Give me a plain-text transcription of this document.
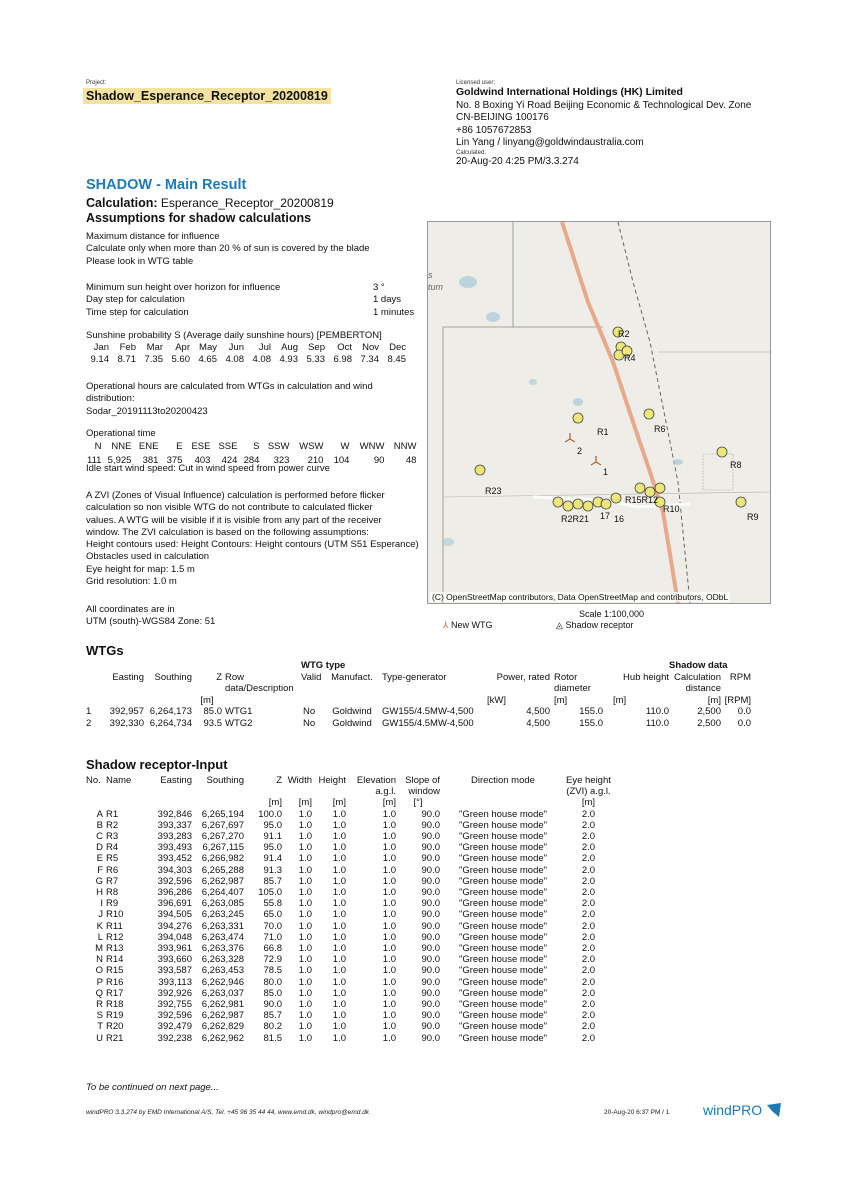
Project:
Shadow_Esperance_Receptor_20200819
Licensed user:
Goldwind International Holdings (HK) Limited
No. 8 Boxing Yi Road Beijing Economic & Technological Dev. Zone
CN-BEIJING 100176
+86 1057672853
Lin Yang / linyang@goldwindaustralia.com
Calculated:
20-Aug-20 4:25 PM/3.3.274
SHADOW - Main Result
Calculation: Esperance_Receptor_20200819
Assumptions for shadow calculations
Maximum distance for influence
Calculate only when more than 20 % of sun is covered by the blade
Please look in WTG table
Minimum sun height over horizon for influence	3 °
Day step for calculation	1 days
Time step for calculation	1 minutes
Sunshine probability S (Average daily sunshine hours) [PEMBERTON]
Jan	Feb	Mar	Apr	May	Jun	Jul	Aug	Sep	Oct	Nov	Dec
9.14	8.71	7.35	5.60	4.65	4.08	4.08	4.93	5.33	6.98	7.34	8.45
Operational hours are calculated from WTGs in calculation and wind
distribution:
Sodar_20191113to20200423
Operational time
N	NNE	ENE	E	ESE	SSE	S	SSW	WSW	W	WNW	NNW	
111	5,925	381	375	403	424	284	323	210	104	90	48	
Idle start wind speed: Cut in wind speed from power curve
A ZVI (Zones of Visual Influence) calculation is performed before flicker
calculation so non visible WTG do not contribute to calculated flicker
values. A WTG will be visible if it is visible from any part of the receiver
window. The ZVI calculation is based on the following assumptions:
Height contours used: Height Contours: Height contours (UTM S51 Esperance)
Obstacles used in calculation
Eye height for map: 1.5 m
Grid resolution: 1.0 m
All coordinates are in
UTM (south)-WGS84 Zone: 51
s
tum
R2
R4
R1	R6
R8
R23
R15R12
R10
R9
R2R21 17 16
2
1
(C) OpenStreetMap contributors, Data OpenStreetMap and contributors, ODbL
Scale 1:100,000
⅄ New WTG	◬ Shadow receptor
WTGs
					WTG type						Shadow data	
	Easting	Southing	Z	Row	Valid	Manufact.	Type-generator	Power, rated	Rotor	Hub height	Calculation	RPM
				data/Description					diameter		distance	
			[m]					[kW]	[m]	[m]	[m]	[RPM]
1	392,957	6,264,173	85.0	WTG1	No	Goldwind	GW155/4.5MW-4,500	4,500	155.0	110.0	2,500	0.0
2	392,330	6,264,734	93.5	WTG2	No	Goldwind	GW155/4.5MW-4,500	4,500	155.0	110.0	2,500	0.0
Shadow receptor-Input
No.	Name	Easting	Southing	Z	Width	Height	Elevation	Slope of	Direction mode	Eye height
							a.g.l.	window		(ZVI) a.g.l.
				[m]	[m]	[m]	[m]	[°]		[m]
A	R1	392,846	6,265,194	100.0	1.0	1.0	1.0	90.0	"Green house mode"	2.0
B	R2	393,337	6,267,697	95.0	1.0	1.0	1.0	90.0	"Green house mode"	2.0
C	R3	393,283	6,267,270	91.1	1.0	1.0	1.0	90.0	"Green house mode"	2.0
D	R4	393,493	6,267,115	95.0	1.0	1.0	1.0	90.0	"Green house mode"	2.0
E	R5	393,452	6,266,982	91.4	1.0	1.0	1.0	90.0	"Green house mode"	2.0
F	R6	394,303	6,265,288	91.3	1.0	1.0	1.0	90.0	"Green house mode"	2.0
G	R7	392,596	6,262,987	85.7	1.0	1.0	1.0	90.0	"Green house mode"	2.0
H	R8	396,286	6,264,407	105.0	1.0	1.0	1.0	90.0	"Green house mode"	2.0
I	R9	396,691	6,263,085	55.8	1.0	1.0	1.0	90.0	"Green house mode"	2.0
J	R10	394,505	6,263,245	65.0	1.0	1.0	1.0	90.0	"Green house mode"	2.0
K	R11	394,276	6,263,331	70.0	1.0	1.0	1.0	90.0	"Green house mode"	2.0
L	R12	394,048	6,263,474	71.0	1.0	1.0	1.0	90.0	"Green house mode"	2.0
M	R13	393,961	6,263,376	66.8	1.0	1.0	1.0	90.0	"Green house mode"	2.0
N	R14	393,660	6,263,328	72.9	1.0	1.0	1.0	90.0	"Green house mode"	2.0
O	R15	393,587	6,263,453	78.5	1.0	1.0	1.0	90.0	"Green house mode"	2.0
P	R16	393,113	6,262,946	80.0	1.0	1.0	1.0	90.0	"Green house mode"	2.0
Q	R17	392,926	6,263,037	85.0	1.0	1.0	1.0	90.0	"Green house mode"	2.0
R	R18	392,755	6,262,981	90.0	1.0	1.0	1.0	90.0	"Green house mode"	2.0
S	R19	392,596	6,262,987	85.7	1.0	1.0	1.0	90.0	"Green house mode"	2.0
T	R20	392,479	6,262,829	80.2	1.0	1.0	1.0	90.0	"Green house mode"	2.0
U	R21	392,238	6,262,962	81.5	1.0	1.0	1.0	90.0	"Green house mode"	2.0
To be continued on next page...
windPRO 3.3.274 by EMD International A/S, Tel. +45 96 35 44 44, www.emd.dk, windpro@emd.dk	20-Aug-20 6:37 PM / 1 windPRO
